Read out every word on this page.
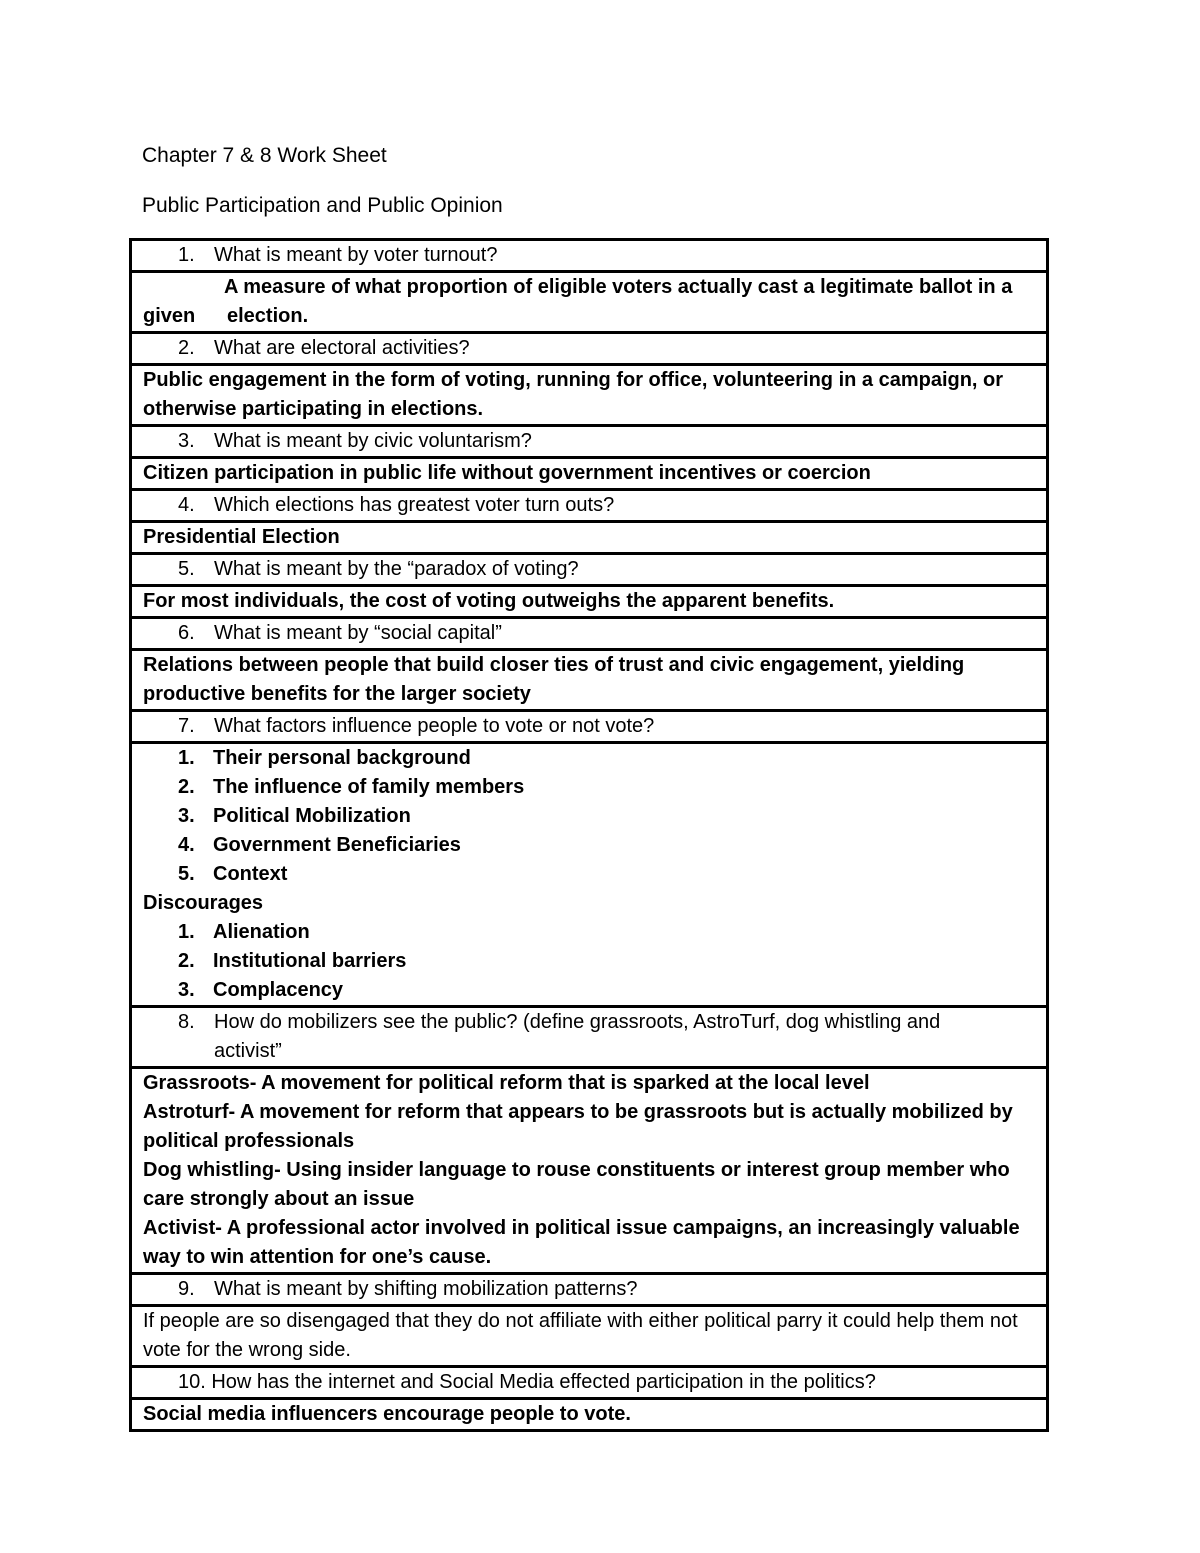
Chapter 7 & 8 Work Sheet
Public Participation and Public Opinion
1. What is meant by voter turnout?
A measure of what proportion of eligible voters actually cast a legitimate ballot in a
given election.
2. What are electoral activities?
Public engagement in the form of voting, running for office, volunteering in a campaign, or otherwise participating in elections.
3. What is meant by civic voluntarism?
Citizen participation in public life without government incentives or coercion
4. Which elections has greatest voter turn outs?
Presidential Election
5. What is meant by the “paradox of voting?
For most individuals, the cost of voting outweighs the apparent benefits.
6. What is meant by “social capital”
Relations between people that build closer ties of trust and civic engagement, yielding productive benefits for the larger society
7. What factors influence people to vote or not vote?
1. Their personal background
2. The influence of family members
3. Political Mobilization
4. Government Beneficiaries
5. Context
Discourages
1. Alienation
2. Institutional barriers
3. Complacency
8. How do mobilizers see the public? (define grassroots, AstroTurf, dog whistling and
activist”
Grassroots- A movement for political reform that is sparked at the local level
Astroturf- A movement for reform that appears to be grassroots but is actually mobilized by political professionals
Dog whistling- Using insider language to rouse constituents or interest group member who care strongly about an issue
Activist- A professional actor involved in political issue campaigns, an increasingly valuable way to win attention for one’s cause.
9. What is meant by shifting mobilization patterns?
If people are so disengaged that they do not affiliate with either political parry it could help them not vote for the wrong side.
10. How has the internet and Social Media effected participation in the politics?
Social media influencers encourage people to vote.
